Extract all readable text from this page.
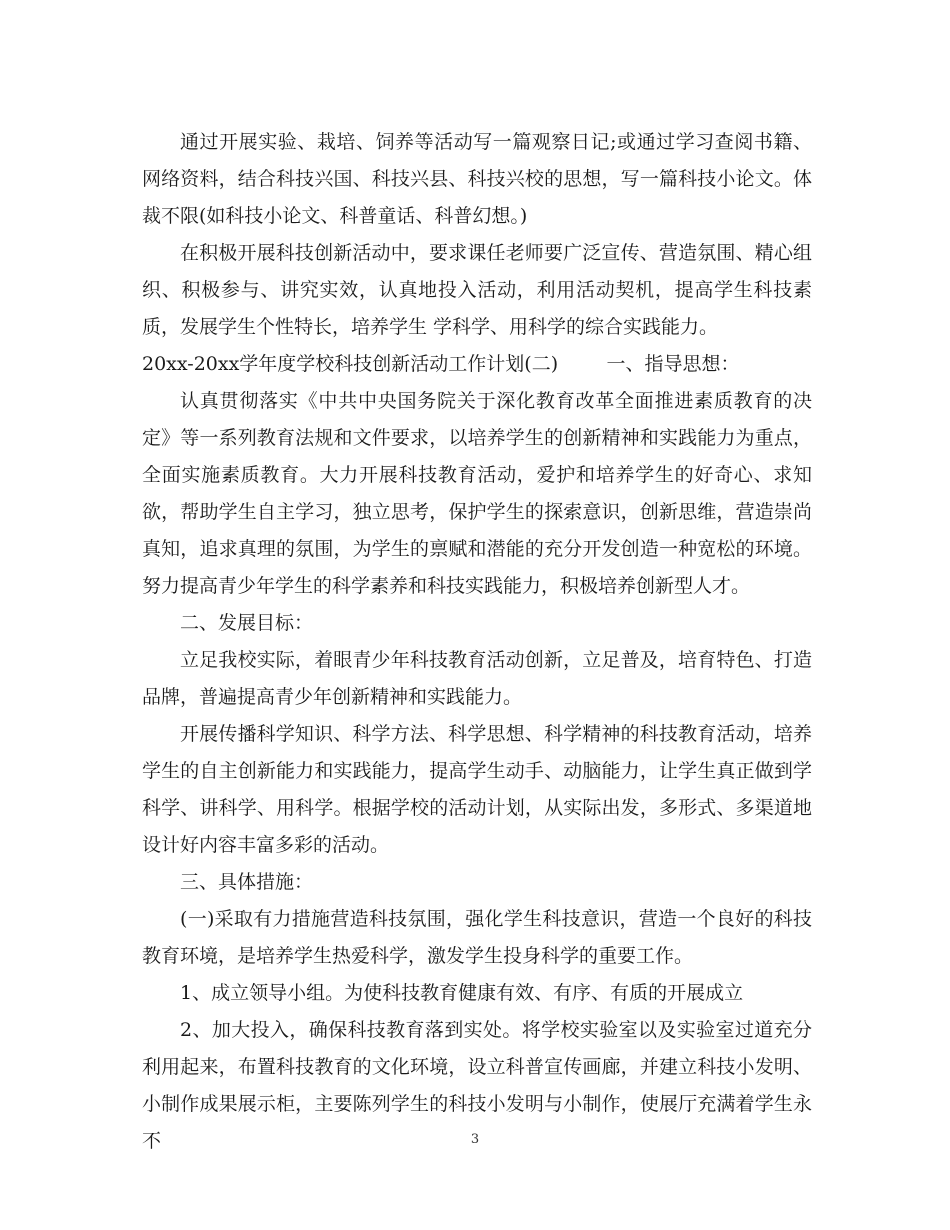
通过开展实验、栽培、饲养等活动写一篇观察日记;或通过学习查阅书籍、网络资料，结合科技兴国、科技兴县、科技兴校的思想，写一篇科技小论文。体裁不限(如科技小论文、科普童话、科普幻想。)

在积极开展科技创新活动中，要求课任老师要广泛宣传、营造氛围、精心组织、积极参与、讲究实效，认真地投入活动，利用活动契机，提高学生科技素质，发展学生个性特长，培养学生 学科学、用科学的综合实践能力。

20xx-20xx学年度学校科技创新活动工作计划(二)        一、指导思想：

认真贯彻落实《中共中央国务院关于深化教育改革全面推进素质教育的决定》等一系列教育法规和文件要求，以培养学生的创新精神和实践能力为重点，全面实施素质教育。大力开展科技教育活动，爱护和培养学生的好奇心、求知欲，帮助学生自主学习，独立思考，保护学生的探索意识，创新思维，营造崇尚真知，追求真理的氛围，为学生的禀赋和潜能的充分开发创造一种宽松的环境。努力提高青少年学生的科学素养和科技实践能力，积极培养创新型人才。

二、发展目标：

立足我校实际，着眼青少年科技教育活动创新，立足普及，培育特色、打造品牌，普遍提高青少年创新精神和实践能力。

开展传播科学知识、科学方法、科学思想、科学精神的科技教育活动，培养学生的自主创新能力和实践能力，提高学生动手、动脑能力，让学生真正做到学科学、讲科学、用科学。根据学校的活动计划，从实际出发，多形式、多渠道地设计好内容丰富多彩的活动。

三、具体措施：

(一)采取有力措施营造科技氛围，强化学生科技意识，营造一个良好的科技教育环境，是培养学生热爱科学，激发学生投身科学的重要工作。

1、成立领导小组。为使科技教育健康有效、有序、有质的开展成立

2、加大投入，确保科技教育落到实处。将学校实验室以及实验室过道充分利用起来，布置科技教育的文化环境，设立科普宣传画廊，并建立科技小发明、小制作成果展示柜，主要陈列学生的科技小发明与小制作，使展厅充满着学生永不	3
